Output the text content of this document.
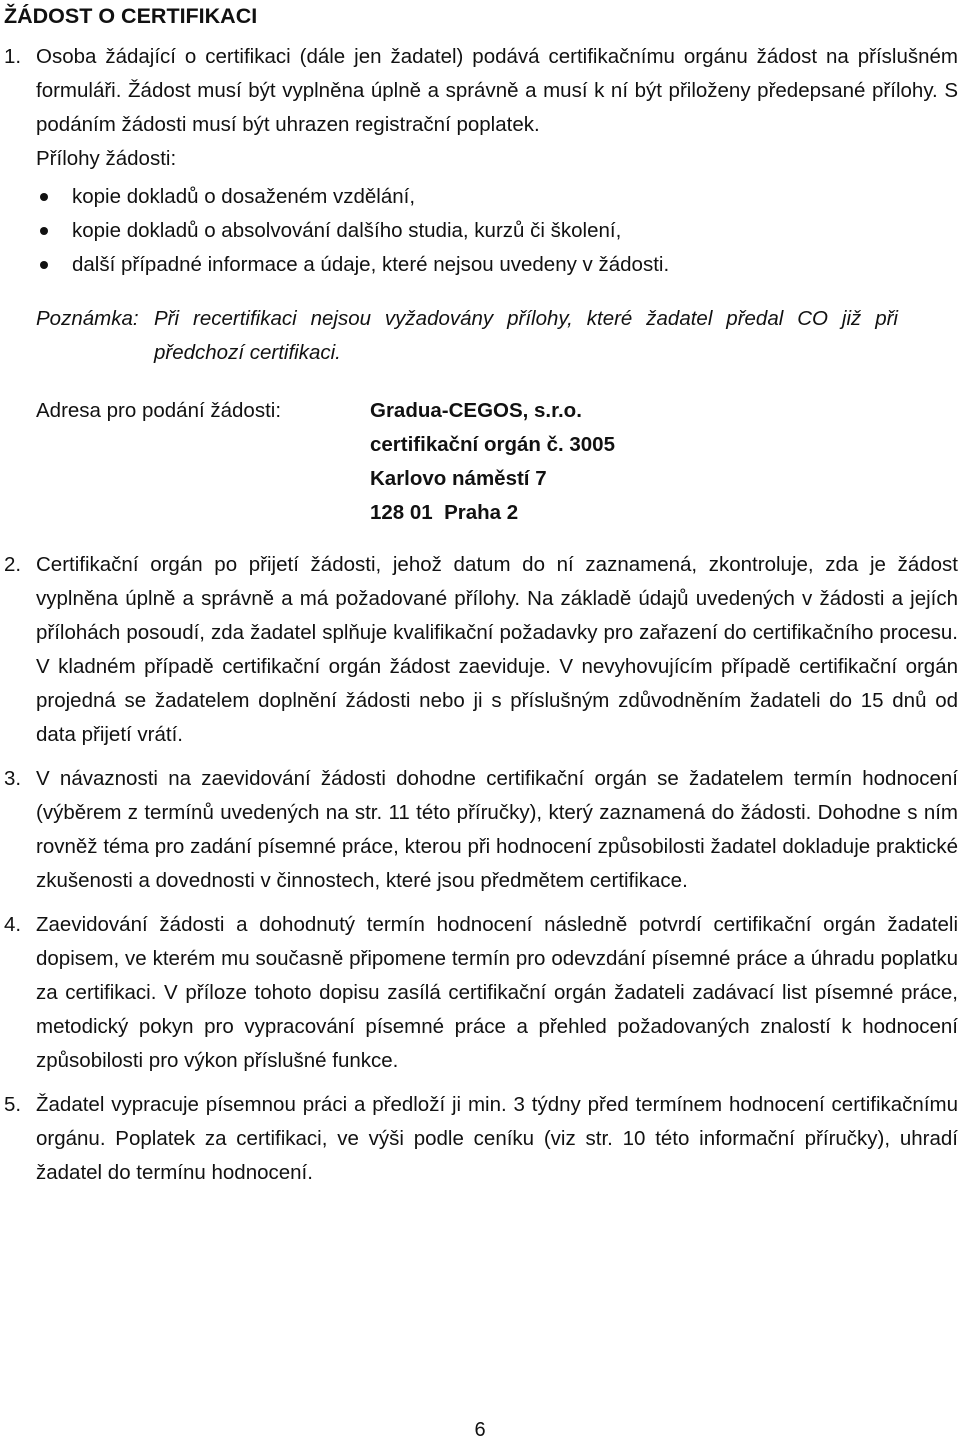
ŽÁDOST O CERTIFIKACI
1. Osoba žádající o certifikaci (dále jen žadatel) podává certifikačnímu orgánu žádost na příslušném formuláři. Žádost musí být vyplněna úplně a správně a musí k ní být přiloženy předepsané přílohy. S podáním žádosti musí být uhrazen registrační poplatek.
Přílohy žádosti:
kopie dokladů o dosaženém vzdělání,
kopie dokladů o absolvování dalšího studia, kurzů či školení,
další případné informace a údaje, které nejsou uvedeny v žádosti.
Poznámka: Při recertifikaci nejsou vyžadovány přílohy, které žadatel předal CO již při předchozí certifikaci.
Adresa pro podání žádosti:	Gradua-CEGOS, s.r.o.
certifikační orgán č. 3005
Karlovo náměstí 7
128 01  Praha 2
2. Certifikační orgán po přijetí žádosti, jehož datum do ní zaznamená, zkontroluje, zda je žádost vyplněna úplně a správně a má požadované přílohy. Na základě údajů uvedených v žádosti a jejích přílohách posoudí, zda žadatel splňuje kvalifikační požadavky pro zařazení do certifikačního procesu. V kladném případě certifikační orgán žádost zaeviduje. V nevyhovujícím případě certifikační orgán projedná se žadatelem doplnění žádosti nebo ji s příslušným zdůvodněním žadateli do 15 dnů od data přijetí vrátí.
3. V návaznosti na zaevidování žádosti dohodne certifikační orgán se žadatelem termín hodnocení (výběrem z termínů uvedených na str. 11 této příručky), který zaznamená do žádosti. Dohodne s ním rovněž téma pro zadání písemné práce, kterou při hodnocení způsobilosti žadatel dokladuje praktické zkušenosti a dovednosti v činnostech, které jsou předmětem certifikace.
4. Zaevidování žádosti a dohodnutý termín hodnocení následně potvrdí certifikační orgán žadateli dopisem, ve kterém mu současně připomene termín pro odevzdání písemné práce a úhradu poplatku za certifikaci. V příloze tohoto dopisu zasílá certifikační orgán žadateli zadávací list písemné práce, metodický pokyn pro vypracování písemné práce a přehled požadovaných znalostí k hodnocení způsobilosti pro výkon příslušné funkce.
5. Žadatel vypracuje písemnou práci a předloží ji min. 3 týdny před termínem hodnocení certifikačnímu orgánu. Poplatek za certifikaci, ve výši podle ceníku (viz str. 10 této informační příručky), uhradí žadatel do termínu hodnocení.
6
